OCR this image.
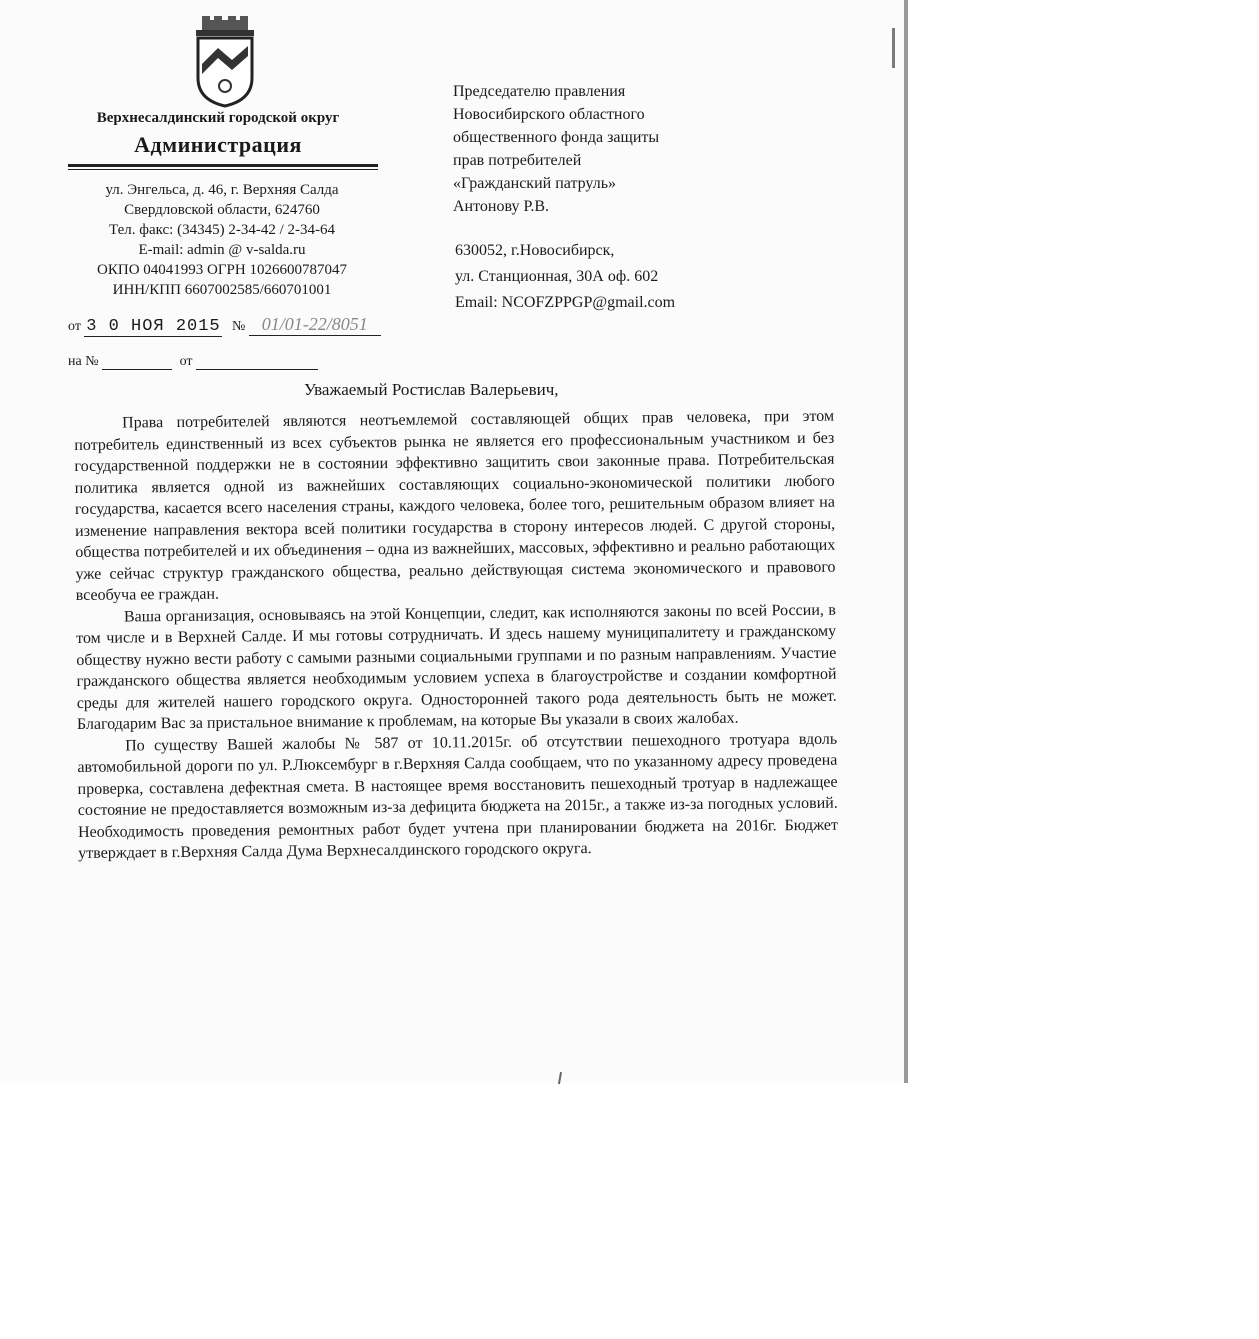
Верхнесалдинский городской округ
Администрация
ул. Энгельса, д. 46, г. Верхняя Салда
Свердловской области, 624760
Тел. факс: (34345) 2-34-42 / 2-34-64
E-mail: admin @ v-salda.ru
ОКПО 04041993 ОГРН 1026600787047
ИНН/КПП 6607002585/660701001
от 3 0 НОЯ 2015 № 01/01-22/8051
на №	от
Председателю правления
Новосибирского областного
общественного фонда защиты
прав потребителей
«Гражданский патруль»
Антонову Р.В.
630052, г.Новосибирск,
ул. Станционная, 30А оф. 602
Email: NCOFZPPGP@gmail.com
Уважаемый Ростислав Валерьевич,

Права потребителей являются неотъемлемой составляющей общих прав человека, при этом потребитель единственный из всех субъектов рынка не является его профессиональным участником и без государственной поддержки не в состоянии эффективно защитить свои законные права. Потребительская политика является одной из важнейших составляющих социально-экономической политики любого государства, касается всего населения страны, каждого человека, более того, решительным образом влияет на изменение направления вектора всей политики государства в сторону интересов людей. С другой стороны, общества потребителей и их объединения – одна из важнейших, массовых, эффективно и реально работающих уже сейчас структур гражданского общества, реально действующая система экономического и правового всеобуча ее граждан.

Ваша организация, основываясь на этой Концепции, следит, как исполняются законы по всей России, в том числе и в Верхней Салде. И мы готовы сотрудничать. И здесь нашему муниципалитету и гражданскому обществу нужно вести работу с самыми разными социальными группами и по разным направлениям. Участие гражданского общества является необходимым условием успеха в благоустройстве и создании комфортной среды для жителей нашего городского округа. Односторонней такого рода деятельность быть не может. Благодарим Вас за пристальное внимание к проблемам, на которые Вы указали в своих жалобах.

По существу Вашей жалобы № 587 от 10.11.2015г. об отсутствии пешеходного тротуара вдоль автомобильной дороги по ул. Р.Люксембург в г.Верхняя Салда сообщаем, что по указанному адресу проведена проверка, составлена дефектная смета. В настоящее время восстановить пешеходный тротуар в надлежащее состояние не предоставляется возможным из-за дефицита бюджета на 2015г., а также из-за погодных условий. Необходимость проведения ремонтных работ будет учтена при планировании бюджета на 2016г. Бюджет утверждает в г.Верхняя Салда Дума Верхнесалдинского городского округа.
